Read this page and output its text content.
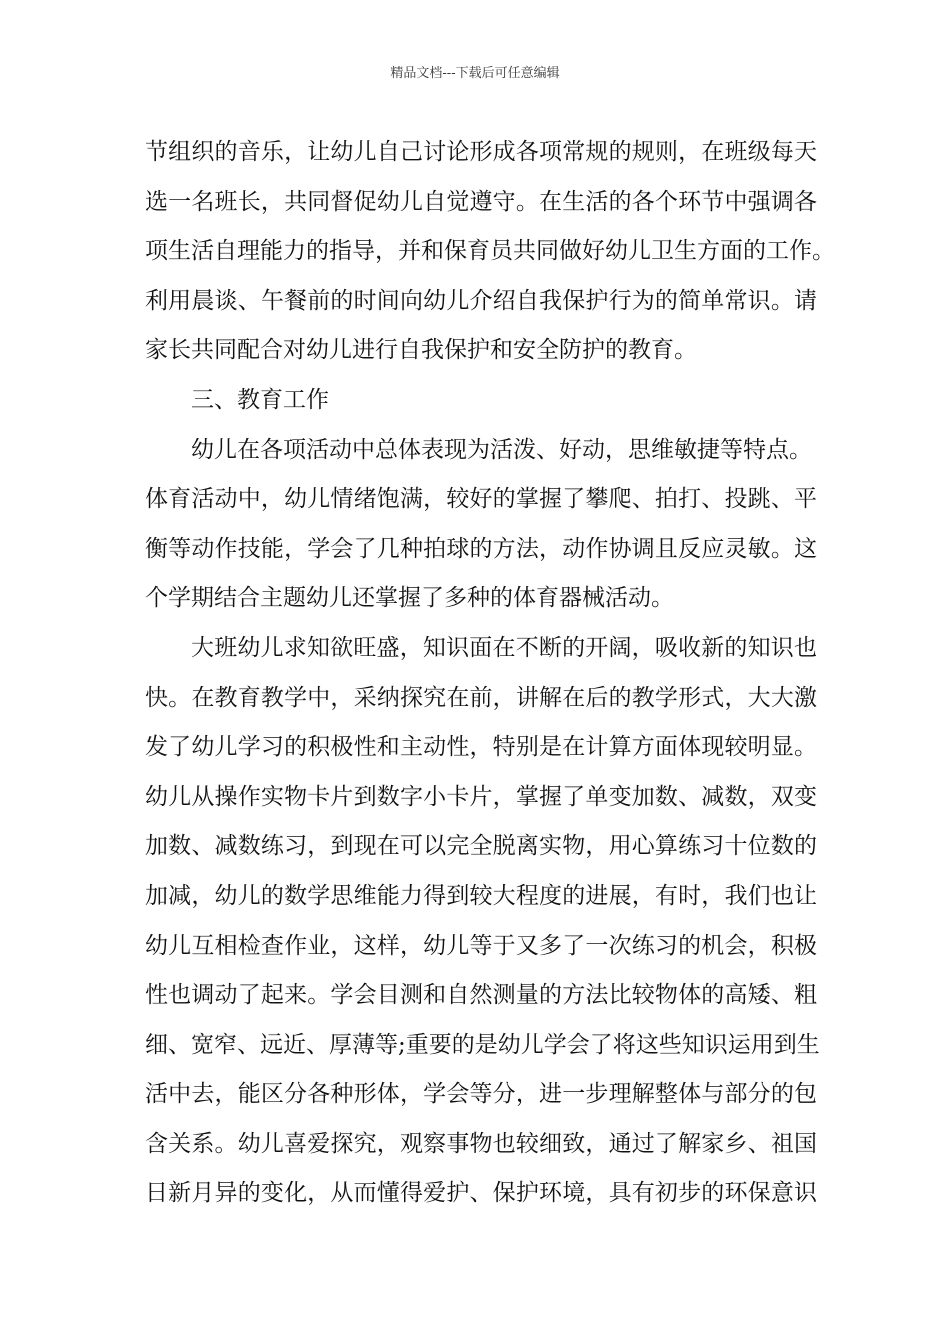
精品文档---下载后可任意编辑
节组织的音乐，让幼儿自己讨论形成各项常规的规则，在班级每天
选一名班长，共同督促幼儿自觉遵守。在生活的各个环节中强调各
项生活自理能力的指导，并和保育员共同做好幼儿卫生方面的工作。
利用晨谈、午餐前的时间向幼儿介绍自我保护行为的简单常识。请
家长共同配合对幼儿进行自我保护和安全防护的教育。
三、教育工作
幼儿在各项活动中总体表现为活泼、好动，思维敏捷等特点。
体育活动中，幼儿情绪饱满，较好的掌握了攀爬、拍打、投跳、平
衡等动作技能，学会了几种拍球的方法，动作协调且反应灵敏。这
个学期结合主题幼儿还掌握了多种的体育器械活动。
大班幼儿求知欲旺盛，知识面在不断的开阔，吸收新的知识也
快。在教育教学中，采纳探究在前，讲解在后的教学形式，大大激
发了幼儿学习的积极性和主动性，特别是在计算方面体现较明显。
幼儿从操作实物卡片到数字小卡片，掌握了单变加数、减数，双变
加数、减数练习，到现在可以完全脱离实物，用心算练习十位数的
加减，幼儿的数学思维能力得到较大程度的进展，有时，我们也让
幼儿互相检查作业，这样，幼儿等于又多了一次练习的机会，积极
性也调动了起来。学会目测和自然测量的方法比较物体的高矮、粗
细、宽窄、远近、厚薄等;重要的是幼儿学会了将这些知识运用到生
活中去，能区分各种形体，学会等分，进一步理解整体与部分的包
含关系。幼儿喜爱探究，观察事物也较细致，通过了解家乡、祖国
日新月异的变化，从而懂得爱护、保护环境，具有初步的环保意识
